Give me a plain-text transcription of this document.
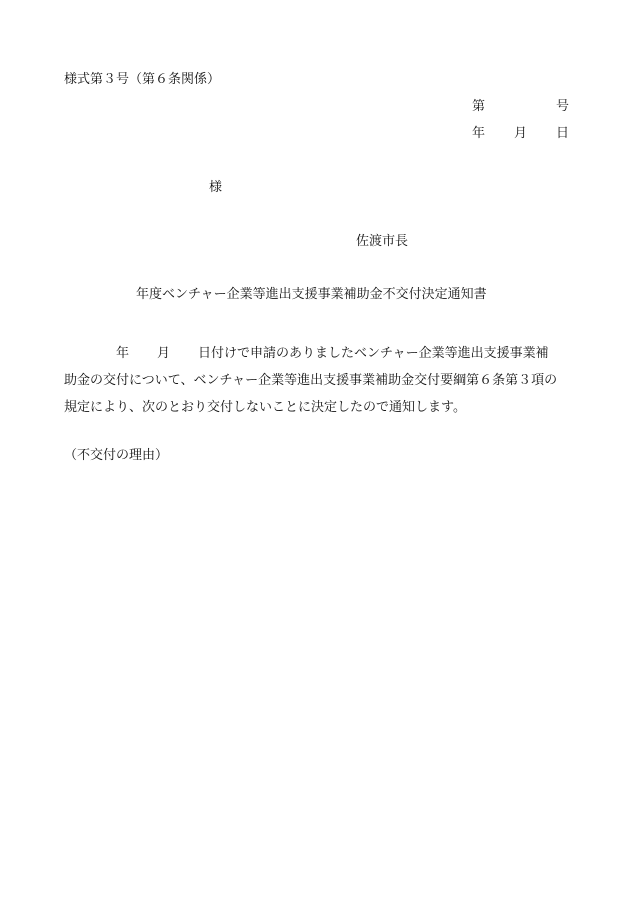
様式第３号（第６条関係）
第	号
年 月 日
様
佐渡市長
年度ベンチャー企業等進出支援事業補助金不交付決定通知書
年 月 日付けで申請のありましたベンチャー企業等進出支援事業補
助金の交付について、ベンチャー企業等進出支援事業補助金交付要綱第６条第３項の
規定により、次のとおり交付しないことに決定したので通知します。
（不交付の理由）
